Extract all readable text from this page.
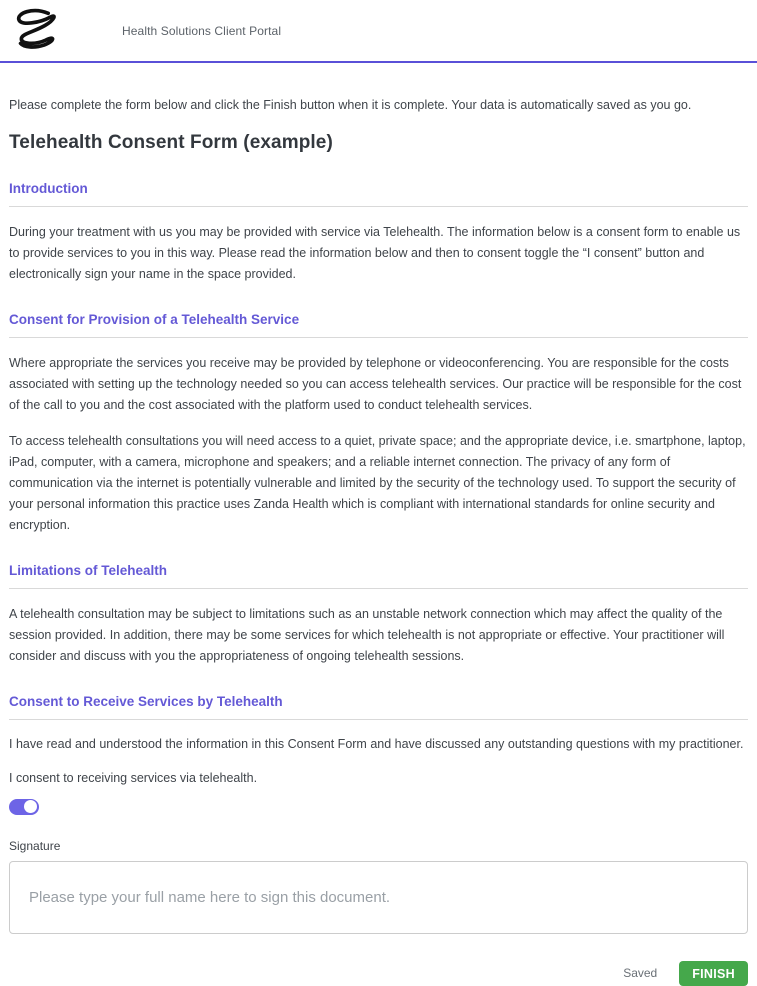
Health Solutions Client Portal

Please complete the form below and click the Finish button when it is complete. Your data is automatically saved as you go.

Telehealth Consent Form (example)
Introduction

During your treatment with us you may be provided with service via Telehealth. The information below is a consent form to enable us to provide services to you in this way. Please read the information below and then to consent toggle the “I consent” button and electronically sign your name in the space provided.

Consent for Provision of a Telehealth Service

Where appropriate the services you receive may be provided by telephone or videoconferencing. You are responsible for the costs associated with setting up the technology needed so you can access telehealth services. Our practice will be responsible for the cost of the call to you and the cost associated with the platform used to conduct telehealth services.

To access telehealth consultations you will need access to a quiet, private space; and the appropriate device, i.e. smartphone, laptop, iPad, computer, with a camera, microphone and speakers; and a reliable internet connection. The privacy of any form of communication via the internet is potentially vulnerable and limited by the security of the technology used. To support the security of your personal information this practice uses Zanda Health which is compliant with international standards for online security and encryption.

Limitations of Telehealth

A telehealth consultation may be subject to limitations such as an unstable network connection which may affect the quality of the session provided. In addition, there may be some services for which telehealth is not appropriate or effective. Your practitioner will consider and discuss with you the appropriateness of ongoing telehealth sessions.

Consent to Receive Services by Telehealth

I have read and understood the information in this Consent Form and have discussed any outstanding questions with my practitioner.

I consent to receiving services via telehealth.

Signature
Please type your full name here to sign this document.
Saved	FINISH
